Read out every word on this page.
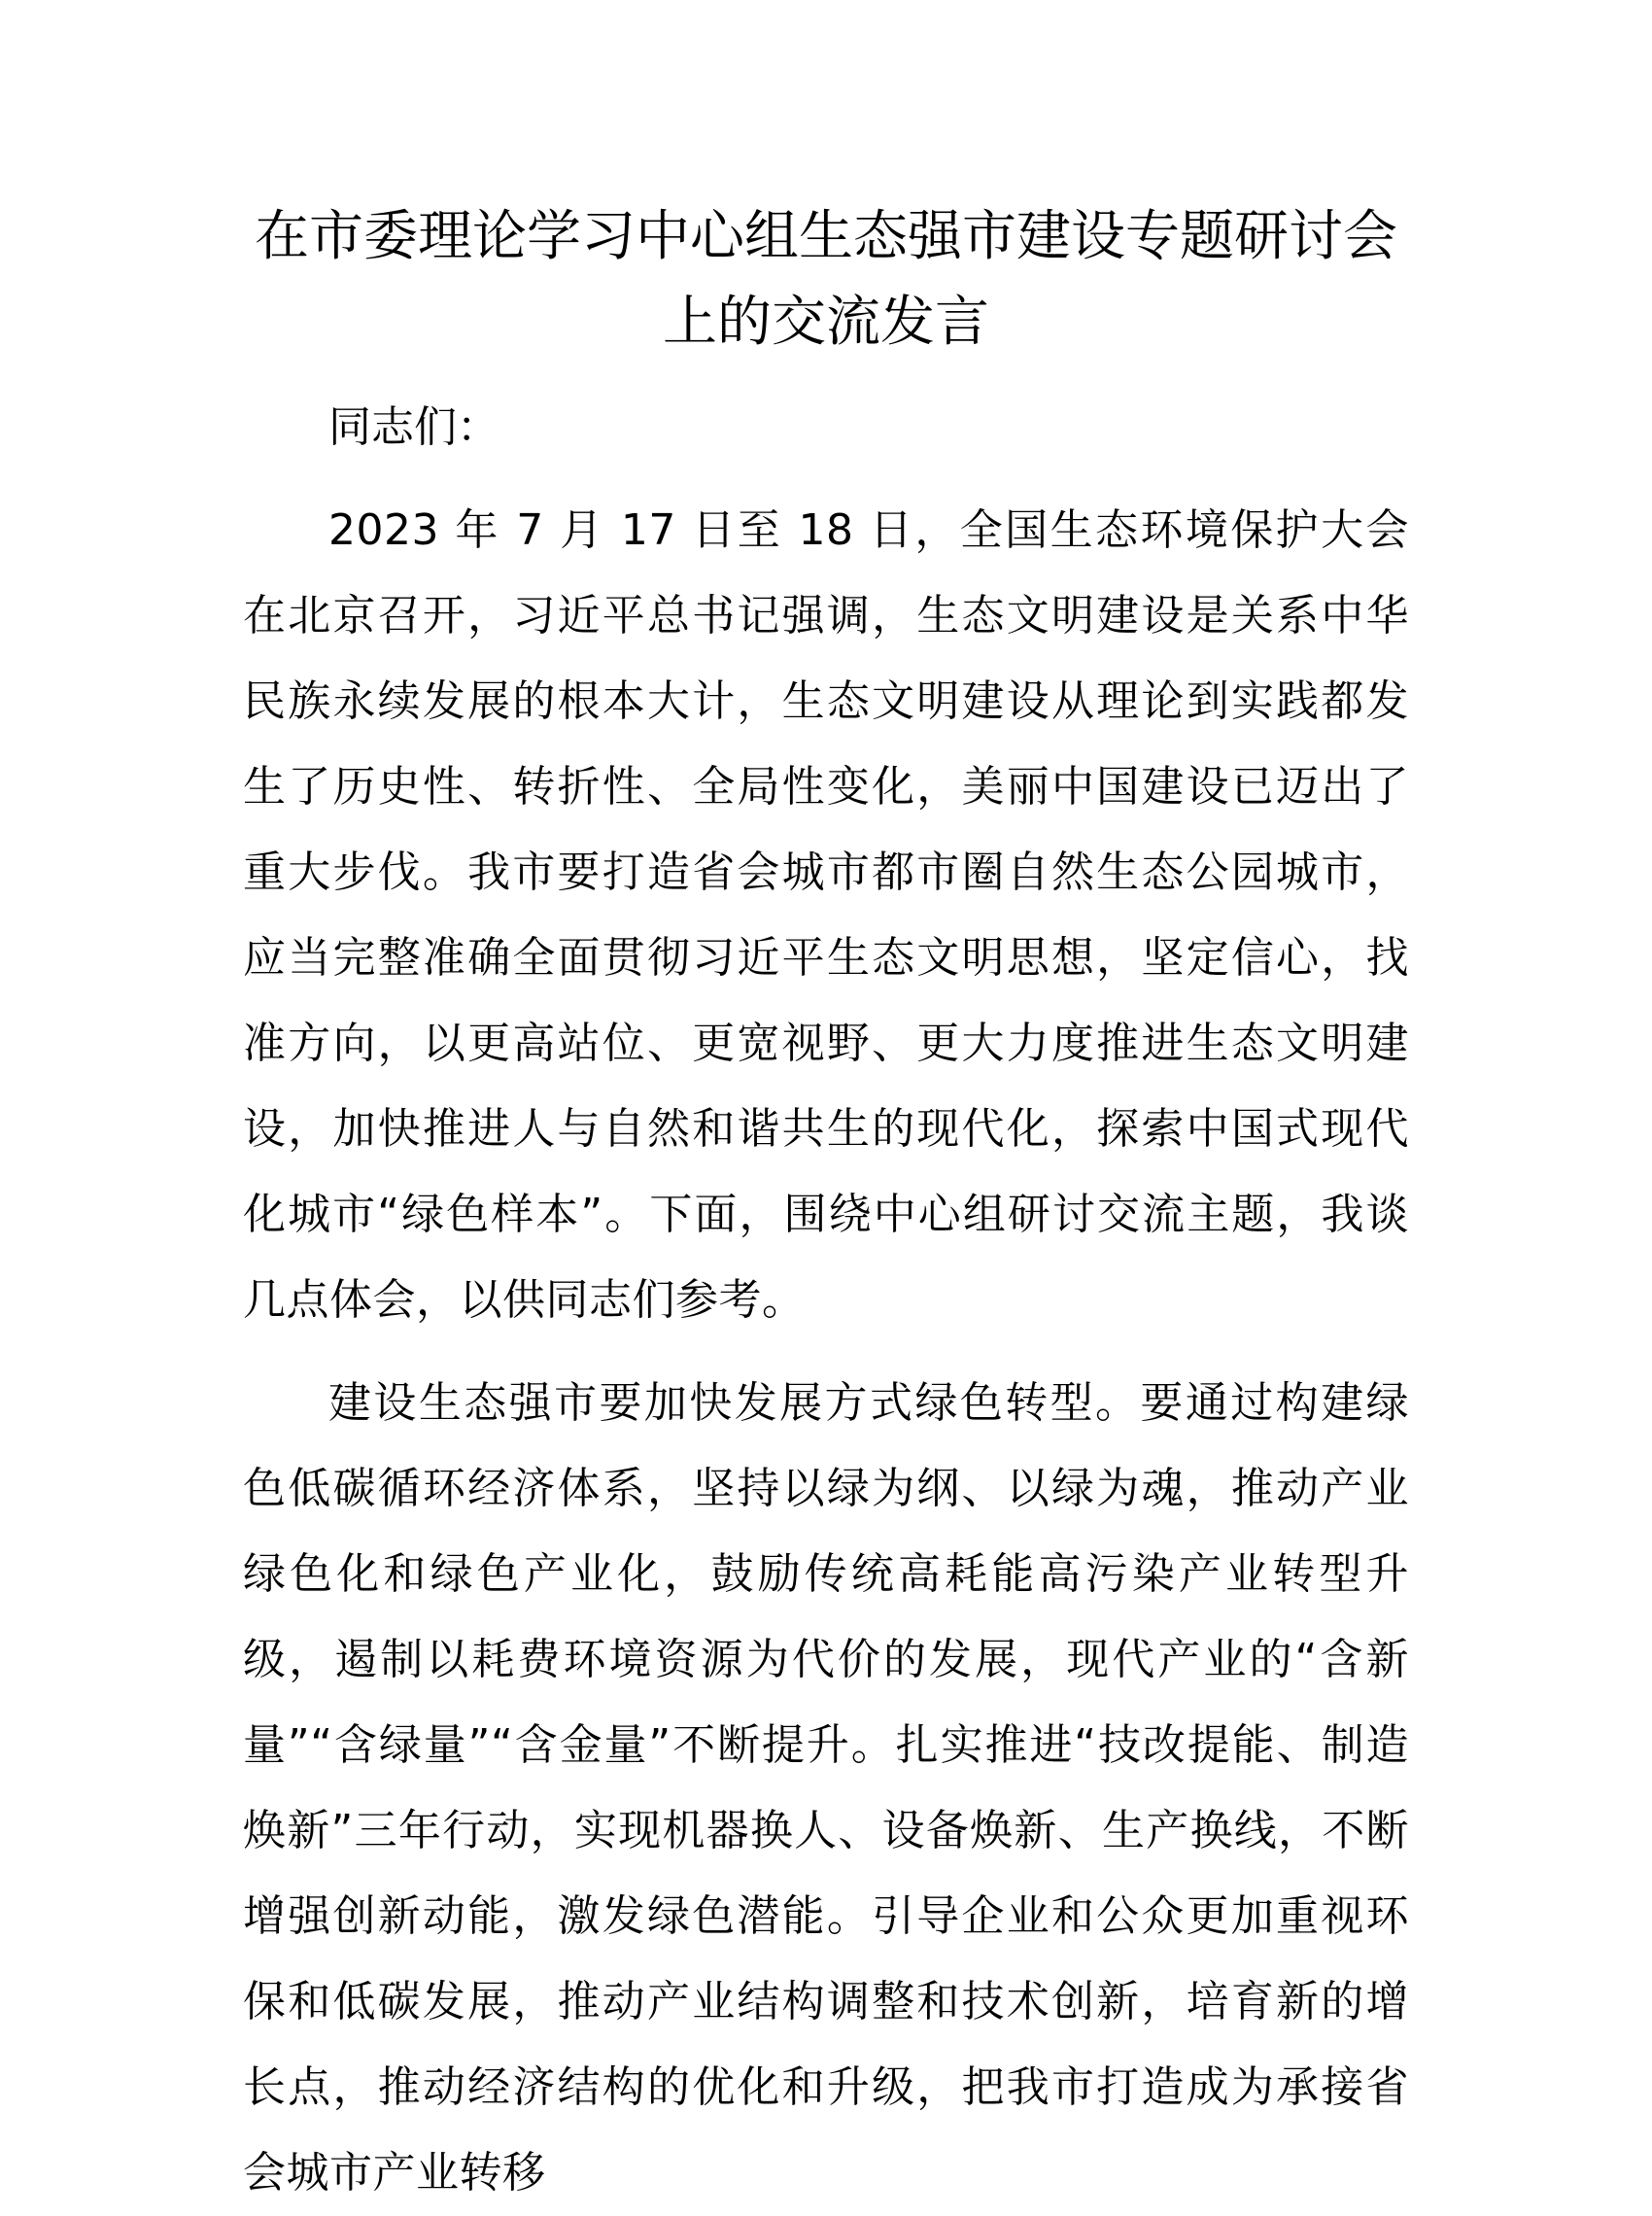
在市委理论学习中心组生态强市建设专题研讨会上的交流发言

同志们：

2023 年 7 月 17 日至 18 日，全国生态环境保护大会在北京召开，习近平总书记强调，生态文明建设是关系中华民族永续发展的根本大计，生态文明建设从理论到实践都发生了历史性、转折性、全局性变化，美丽中国建设已迈出了重大步伐。我市要打造省会城市都市圈自然生态公园城市，应当完整准确全面贯彻习近平生态文明思想，坚定信心，找准方向，以更高站位、更宽视野、更大力度推进生态文明建设，加快推进人与自然和谐共生的现代化，探索中国式现代化城市“绿色样本”。下面，围绕中心组研讨交流主题，我谈几点体会，以供同志们参考。

建设生态强市要加快发展方式绿色转型。要通过构建绿色低碳循环经济体系，坚持以绿为纲、以绿为魂，推动产业绿色化和绿色产业化，鼓励传统高耗能高污染产业转型升级，遏制以耗费环境资源为代价的发展，现代产业的“含新量”“含绿量”“含金量”不断提升。扎实推进“技改提能、制造焕新”三年行动，实现机器换人、设备焕新、生产换线，不断增强创新动能，激发绿色潜能。引导企业和公众更加重视环保和低碳发展，推动产业结构调整和技术创新，培育新的增长点，推动经济结构的优化和升级，把我市打造成为承接省会城市产业转移
